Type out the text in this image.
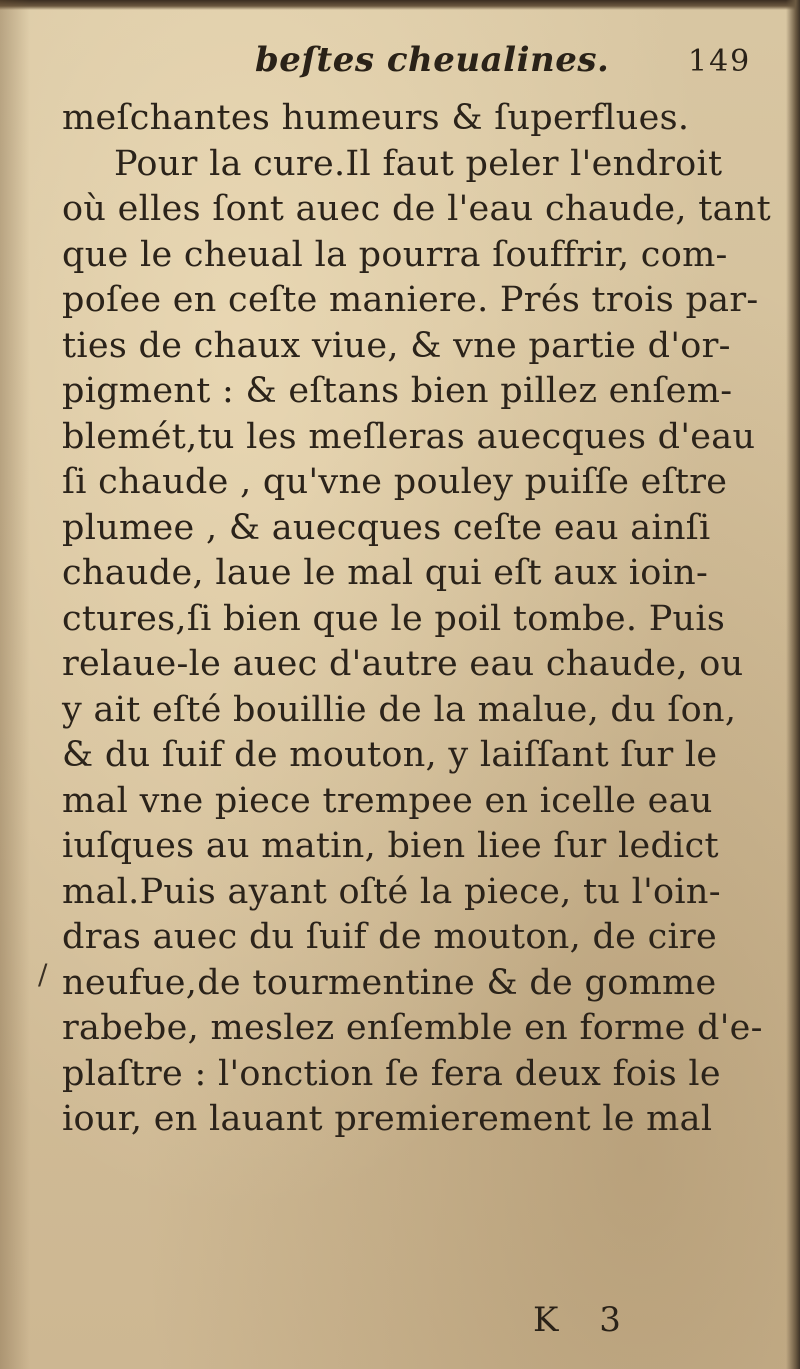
beſtes cheualines.	149
/
meſchantes humeurs & ſuperflues.
Pour la cure.Il faut peler l'endroit
où elles ſont auec de l'eau chaude, tant
que le cheual la pourra ſouffrir, com-
poſee en ceſte maniere. Prés trois par-
ties de chaux viue, & vne partie d'or-
pigment : & eſtans bien pillez enſem-
blemét,tu les meſleras auecques d'eau
ſi chaude , qu'vne pouley puiſſe eſtre
plumee , & auecques ceſte eau ainſi
chaude, laue le mal qui eſt aux ioin-
ctures,ſi bien que le poil tombe. Puis
relaue-le auec d'autre eau chaude, ou
y ait eſté bouillie de la malue, du ſon,
& du ſuif de mouton, y laiſſant ſur le
mal vne piece trempee en icelle eau
iuſques au matin, bien liee ſur ledict
mal.Puis ayant oſté la piece, tu l'oin-
dras auec du ſuif de mouton, de cire
neufue,de tourmentine & de gomme
rabebe, meslez enſemble en forme d'e-
plaſtre : l'onction ſe fera deux fois le
iour, en lauant premierement le mal
K 3
